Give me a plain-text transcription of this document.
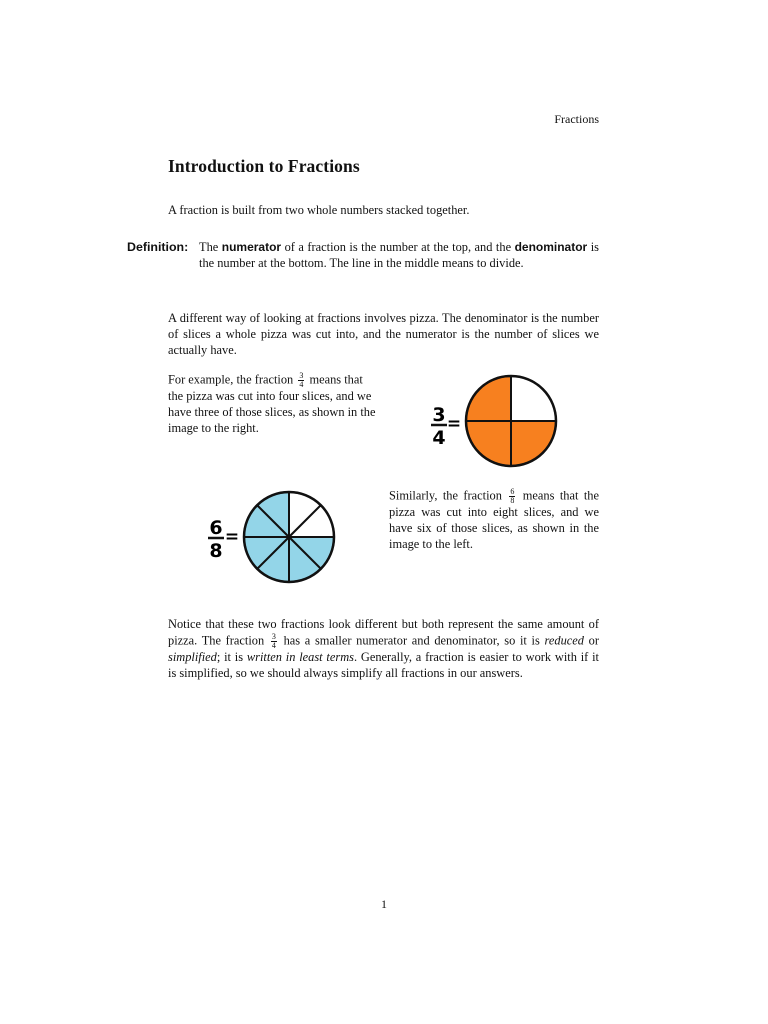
Fractions
Introduction to Fractions
A fraction is built from two whole numbers stacked together.
Definition: The numerator of a fraction is the number at the top, and the denominator is the number at the bottom. The line in the middle means to divide.
A different way of looking at fractions involves pizza. The denominator is the number of slices a whole pizza was cut into, and the numerator is the number of slices we actually have.
For example, the fraction $\frac{3}{4}$ means that the pizza was cut into four slices, and we have three of those slices, as shown in the image to the right.
3
4
=
6
8
=
Similarly, the fraction $\frac{6}{8}$ means that the pizza was cut into eight slices, and we have six of those slices, as shown in the image to the left.
Notice that these two fractions look different but both represent the same amount of pizza. The fraction $\frac{3}{4}$ has a smaller numerator and denominator, so it is reduced or simplified; it is written in least terms. Generally, a fraction is easier to work with if it is simplified, so we should always simplify all fractions in our answers.
1
